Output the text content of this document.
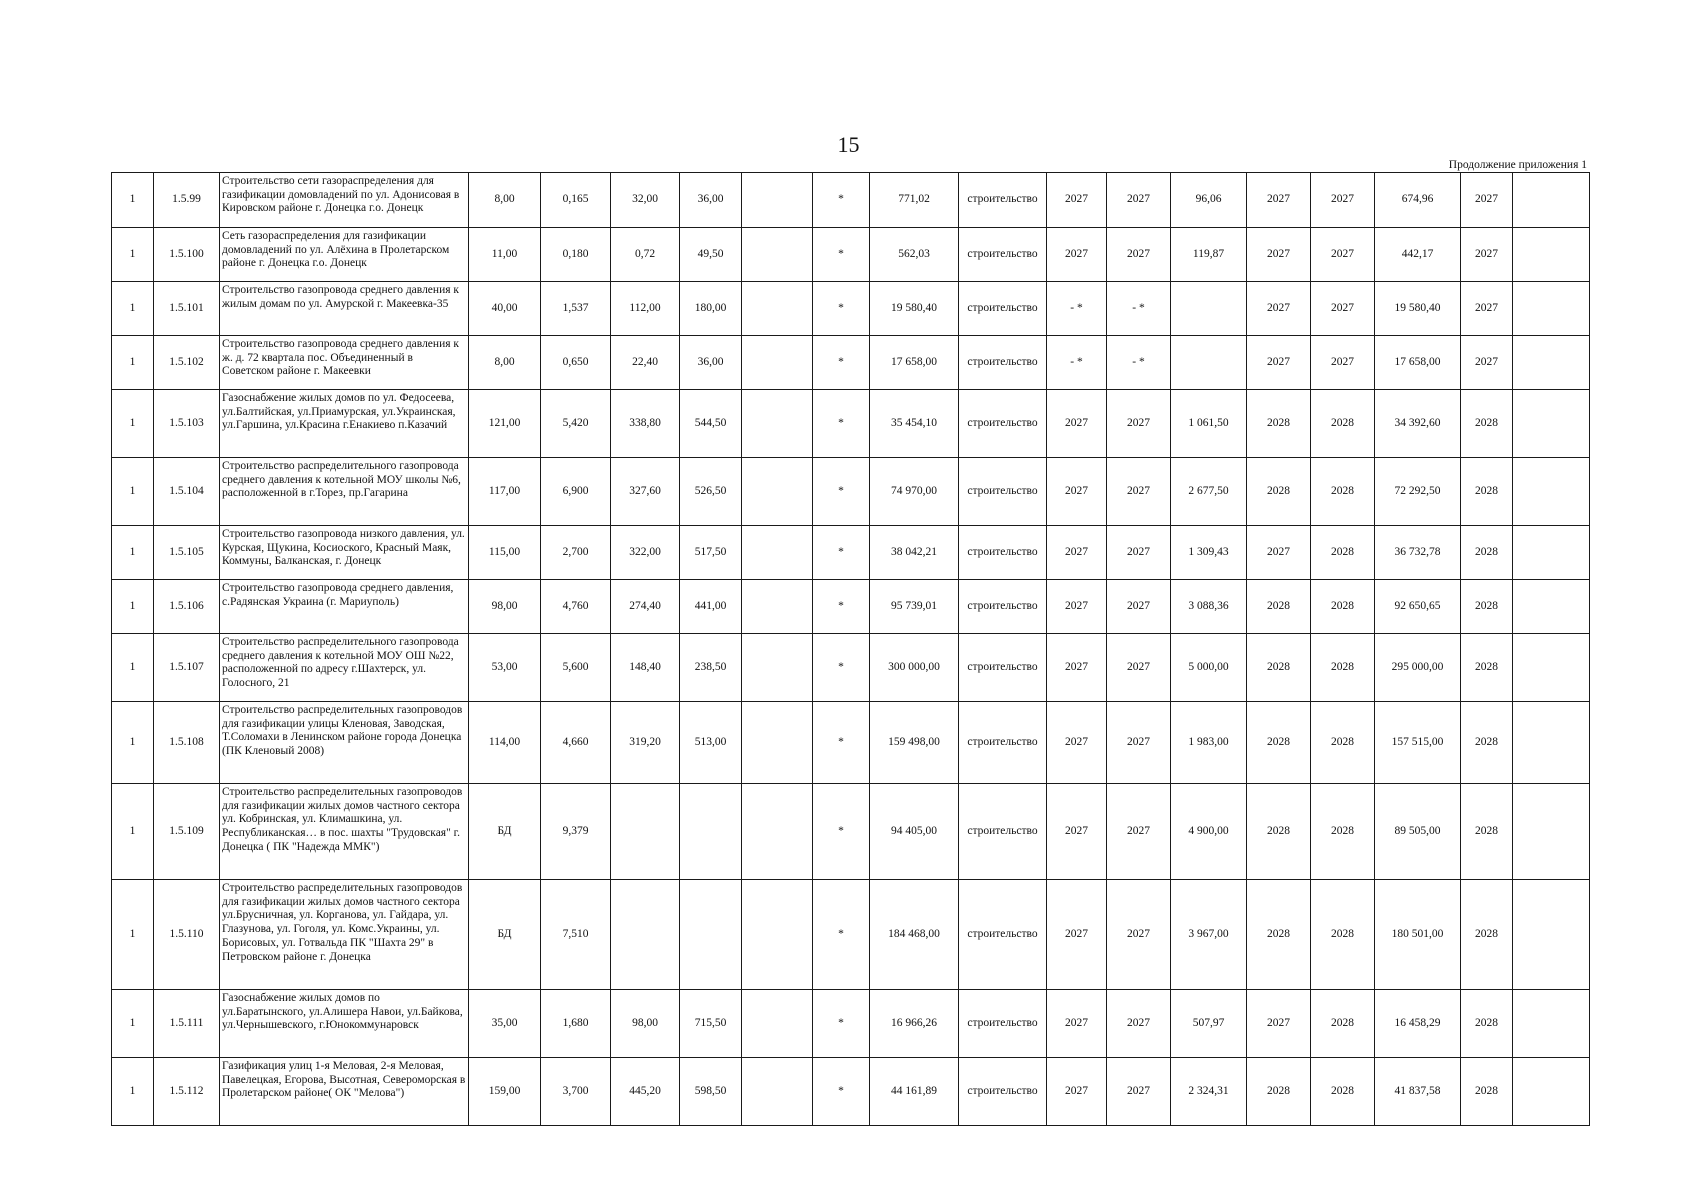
15
Продолжение приложения 1
1	1.5.99	Строительство сети газораспределения для газификации домовладений по ул. Адонисовая в Кировском районе г. Донецка г.о. Донецк	8,00	0,165	32,00	36,00		*	771,02	строительство	2027	2027	96,06	2027	2027	674,96	2027	
1	1.5.100	Сеть газораспределения для газификации домовладений по ул. Алёхина в Пролетарском районе г. Донецка г.о. Донецк	11,00	0,180	0,72	49,50		*	562,03	строительство	2027	2027	119,87	2027	2027	442,17	2027	
1	1.5.101	Строительство газопровода среднего давления к жилым домам по ул. Амурской г. Макеевка-35	40,00	1,537	112,00	180,00		*	19 580,40	строительство	- *	- *		2027	2027	19 580,40	2027	
1	1.5.102	Строительство газопровода среднего давления к ж. д. 72 квартала пос. Объединенный в Советском районе г. Макеевки	8,00	0,650	22,40	36,00		*	17 658,00	строительство	- *	- *		2027	2027	17 658,00	2027	
1	1.5.103	Газоснабжение жилых домов по ул. Федосеева, ул.Балтийская, ул.Приамурская, ул.Украинская, ул.Гаршина, ул.Красина г.Енакиево п.Казачий	121,00	5,420	338,80	544,50		*	35 454,10	строительство	2027	2027	1 061,50	2028	2028	34 392,60	2028	
1	1.5.104	Строительство распределительного газопровода среднего давления к котельной МОУ школы №6, расположенной в г.Торез, пр.Гагарина	117,00	6,900	327,60	526,50		*	74 970,00	строительство	2027	2027	2 677,50	2028	2028	72 292,50	2028	
1	1.5.105	Строительство газопровода низкого давления, ул. Курская, Щукина, Косиоского, Красный Маяк, Коммуны, Балканская, г. Донецк	115,00	2,700	322,00	517,50		*	38 042,21	строительство	2027	2027	1 309,43	2027	2028	36 732,78	2028	
1	1.5.106	Строительство газопровода среднего давления, с.Радянская Украина (г. Мариуполь)	98,00	4,760	274,40	441,00		*	95 739,01	строительство	2027	2027	3 088,36	2028	2028	92 650,65	2028	
1	1.5.107	Строительство распределительного газопровода среднего давления к котельной МОУ ОШ №22, расположенной по адресу г.Шахтерск, ул. Голосного, 21	53,00	5,600	148,40	238,50		*	300 000,00	строительство	2027	2027	5 000,00	2028	2028	295 000,00	2028	
1	1.5.108	Строительство распределительных газопроводов для газификации улицы Кленовая, Заводская, Т.Соломахи в Ленинском районе города Донецка (ПК Кленовый 2008)	114,00	4,660	319,20	513,00		*	159 498,00	строительство	2027	2027	1 983,00	2028	2028	157 515,00	2028	
1	1.5.109	Строительство распределительных газопроводов для газификации жилых домов частного сектора ул. Кобринская, ул. Климашкина, ул. Республиканская… в пос. шахты "Трудовская" г. Донецка ( ПК "Надежда ММК")	БД	9,379				*	94 405,00	строительство	2027	2027	4 900,00	2028	2028	89 505,00	2028	
1	1.5.110	Строительство распределительных газопроводов для газификации жилых домов частного сектора ул.Брусничная, ул. Корганова, ул. Гайдара, ул. Глазунова, ул. Гоголя, ул. Комс.Украины, ул. Борисовых, ул. Готвальда ПК "Шахта 29" в Петровском районе г. Донецка	БД	7,510				*	184 468,00	строительство	2027	2027	3 967,00	2028	2028	180 501,00	2028	
1	1.5.111	Газоснабжение жилых домов по ул.Баратынского, ул.Алишера Навои, ул.Байкова, ул.Чернышевского, г.Юнокоммунаровск	35,00	1,680	98,00	715,50		*	16 966,26	строительство	2027	2027	507,97	2027	2028	16 458,29	2028	
1	1.5.112	Газификация улиц 1-я Меловая, 2-я Меловая, Павелецкая, Егорова, Высотная, Североморская в Пролетарском районе( ОК "Мелова")	159,00	3,700	445,20	598,50		*	44 161,89	строительство	2027	2027	2 324,31	2028	2028	41 837,58	2028	
